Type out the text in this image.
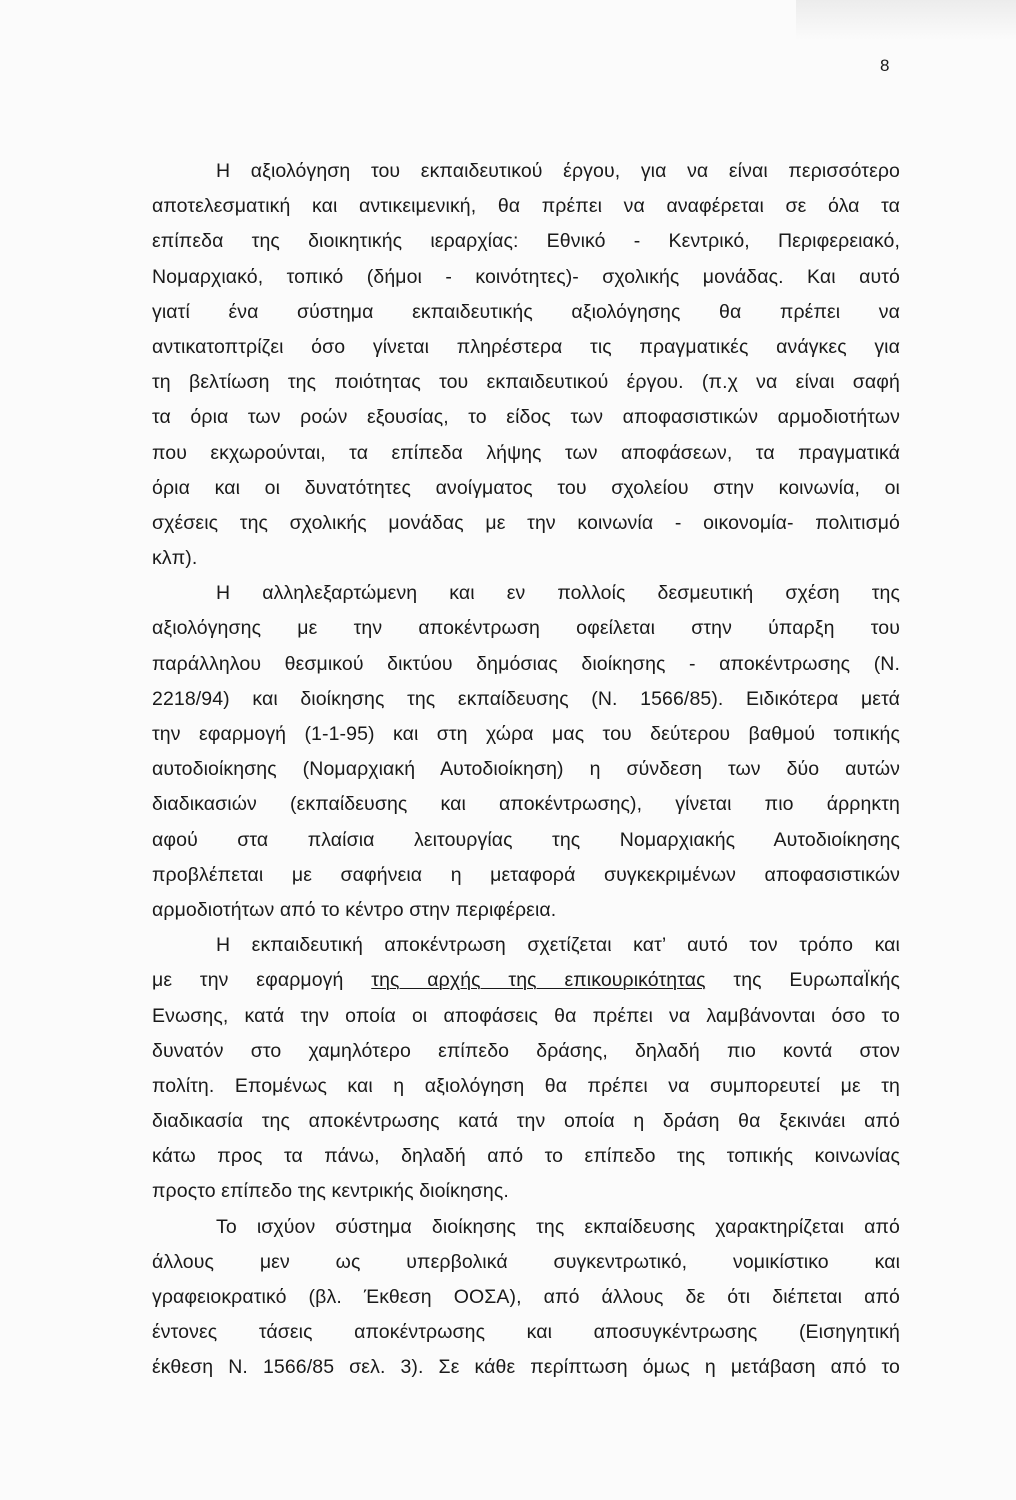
8
Η αξιολόγηση του εκπαιδευτικού έργου, για να είναι περισσότερο
αποτελεσματική και αντικειμενική, θα πρέπει να αναφέρεται σε όλα τα
επίπεδα της διοικητικής ιεραρχίας: Εθνικό - Κεντρικό, Περιφερειακό,
Νομαρχιακό, τοπικό (δήμοι - κοινότητες)- σχολικής μονάδας. Και αυτό
γιατί ένα σύστημα εκπαιδευτικής αξιολόγησης θα πρέπει να
αντικατοπτρίζει όσο γίνεται πληρέστερα τις πραγματικές ανάγκες για
τη βελτίωση της ποιότητας του εκπαιδευτικού έργου. (π.χ να είναι σαφή
τα όρια των ροών εξουσίας, το είδος των αποφασιστικών αρμοδιοτήτων
που εκχωρούνται, τα επίπεδα λήψης των αποφάσεων, τα πραγματικά
όρια και οι δυνατότητες ανοίγματος του σχολείου στην κοινωνία, οι
σχέσεις της σχολικής μονάδας με την κοινωνία - οικονομία- πολιτισμό
κλπ).
Η αλληλεξαρτώμενη και εν πολλοίς δεσμευτική σχέση της
αξιολόγησης με την αποκέντρωση οφείλεται στην ύπαρξη του
παράλληλου θεσμικού δικτύου δημόσιας διοίκησης - αποκέντρωσης (Ν.
2218/94) και διοίκησης της εκπαίδευσης (Ν. 1566/85). Ειδικότερα μετά
την εφαρμογή (1-1-95) και στη χώρα μας του δεύτερου βαθμού τοπικής
αυτοδιοίκησης (Νομαρχιακή Αυτοδιοίκηση) η σύνδεση των δύο αυτών
διαδικασιών (εκπαίδευσης και αποκέντρωσης), γίνεται πιο άρρηκτη
αφού στα πλαίσια λειτουργίας της Νομαρχιακής Αυτοδιοίκησης
προβλέπεται με σαφήνεια η μεταφορά συγκεκριμένων αποφασιστικών
αρμοδιοτήτων από το κέντρο στην περιφέρεια.
Η εκπαιδευτική αποκέντρωση σχετίζεται κατ’ αυτό τον τρόπο και
με την εφαρμογή της αρχής της επικουρικότητας της ΕυρωπαΪκής
Ενωσης, κατά την οποία οι αποφάσεις θα πρέπει να λαμβάνονται όσο το
δυνατόν στο χαμηλότερο επίπεδο δράσης, δηλαδή πιο κοντά στον
πολίτη. Επομένως και η αξιολόγηση θα πρέπει να συμπορευτεί με τη
διαδικασία της αποκέντρωσης κατά την οποία η δράση θα ξεκινάει από
κάτω προς τα πάνω, δηλαδή από το επίπεδο της τοπικής κοινωνίας
προςτο επίπεδο της κεντρικής διοίκησης.
Το ισχύον σύστημα διοίκησης της εκπαίδευσης χαρακτηρίζεται από
άλλους μεν ως υπερβολικά συγκεντρωτικό, νομικίστικο και
γραφειοκρατικό (βλ. Έκθεση ΟΟΣΑ), από άλλους δε ότι διέπεται από
έντονες τάσεις αποκέντρωσης και αποσυγκέντρωσης (Εισηγητική
έκθεση Ν. 1566/85 σελ. 3). Σε κάθε περίπτωση όμως η μετάβαση από το
